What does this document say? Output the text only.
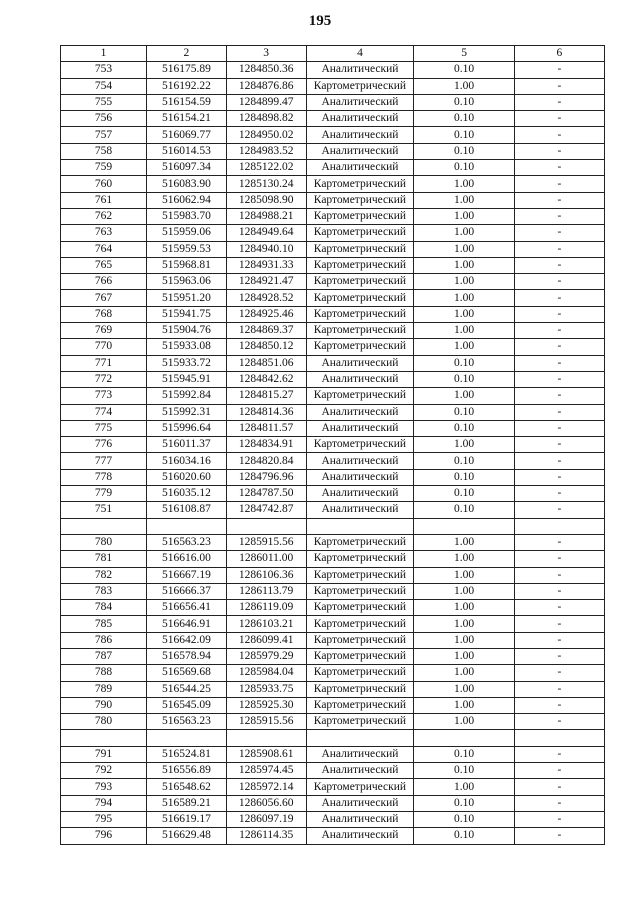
195
1	2	3	4	5	6
753	516175.89	1284850.36	Аналитический	0.10	-
754	516192.22	1284876.86	Картометрический	1.00	-
755	516154.59	1284899.47	Аналитический	0.10	-
756	516154.21	1284898.82	Аналитический	0.10	-
757	516069.77	1284950.02	Аналитический	0.10	-
758	516014.53	1284983.52	Аналитический	0.10	-
759	516097.34	1285122.02	Аналитический	0.10	-
760	516083.90	1285130.24	Картометрический	1.00	-
761	516062.94	1285098.90	Картометрический	1.00	-
762	515983.70	1284988.21	Картометрический	1.00	-
763	515959.06	1284949.64	Картометрический	1.00	-
764	515959.53	1284940.10	Картометрический	1.00	-
765	515968.81	1284931.33	Картометрический	1.00	-
766	515963.06	1284921.47	Картометрический	1.00	-
767	515951.20	1284928.52	Картометрический	1.00	-
768	515941.75	1284925.46	Картометрический	1.00	-
769	515904.76	1284869.37	Картометрический	1.00	-
770	515933.08	1284850.12	Картометрический	1.00	-
771	515933.72	1284851.06	Аналитический	0.10	-
772	515945.91	1284842.62	Аналитический	0.10	-
773	515992.84	1284815.27	Картометрический	1.00	-
774	515992.31	1284814.36	Аналитический	0.10	-
775	515996.64	1284811.57	Аналитический	0.10	-
776	516011.37	1284834.91	Картометрический	1.00	-
777	516034.16	1284820.84	Аналитический	0.10	-
778	516020.60	1284796.96	Аналитический	0.10	-
779	516035.12	1284787.50	Аналитический	0.10	-
751	516108.87	1284742.87	Аналитический	0.10	-

780	516563.23	1285915.56	Картометрический	1.00	-
781	516616.00	1286011.00	Картометрический	1.00	-
782	516667.19	1286106.36	Картометрический	1.00	-
783	516666.37	1286113.79	Картометрический	1.00	-
784	516656.41	1286119.09	Картометрический	1.00	-
785	516646.91	1286103.21	Картометрический	1.00	-
786	516642.09	1286099.41	Картометрический	1.00	-
787	516578.94	1285979.29	Картометрический	1.00	-
788	516569.68	1285984.04	Картометрический	1.00	-
789	516544.25	1285933.75	Картометрический	1.00	-
790	516545.09	1285925.30	Картометрический	1.00	-
780	516563.23	1285915.56	Картометрический	1.00	-

791	516524.81	1285908.61	Аналитический	0.10	-
792	516556.89	1285974.45	Аналитический	0.10	-
793	516548.62	1285972.14	Картометрический	1.00	-
794	516589.21	1286056.60	Аналитический	0.10	-
795	516619.17	1286097.19	Аналитический	0.10	-
796	516629.48	1286114.35	Аналитический	0.10	-
